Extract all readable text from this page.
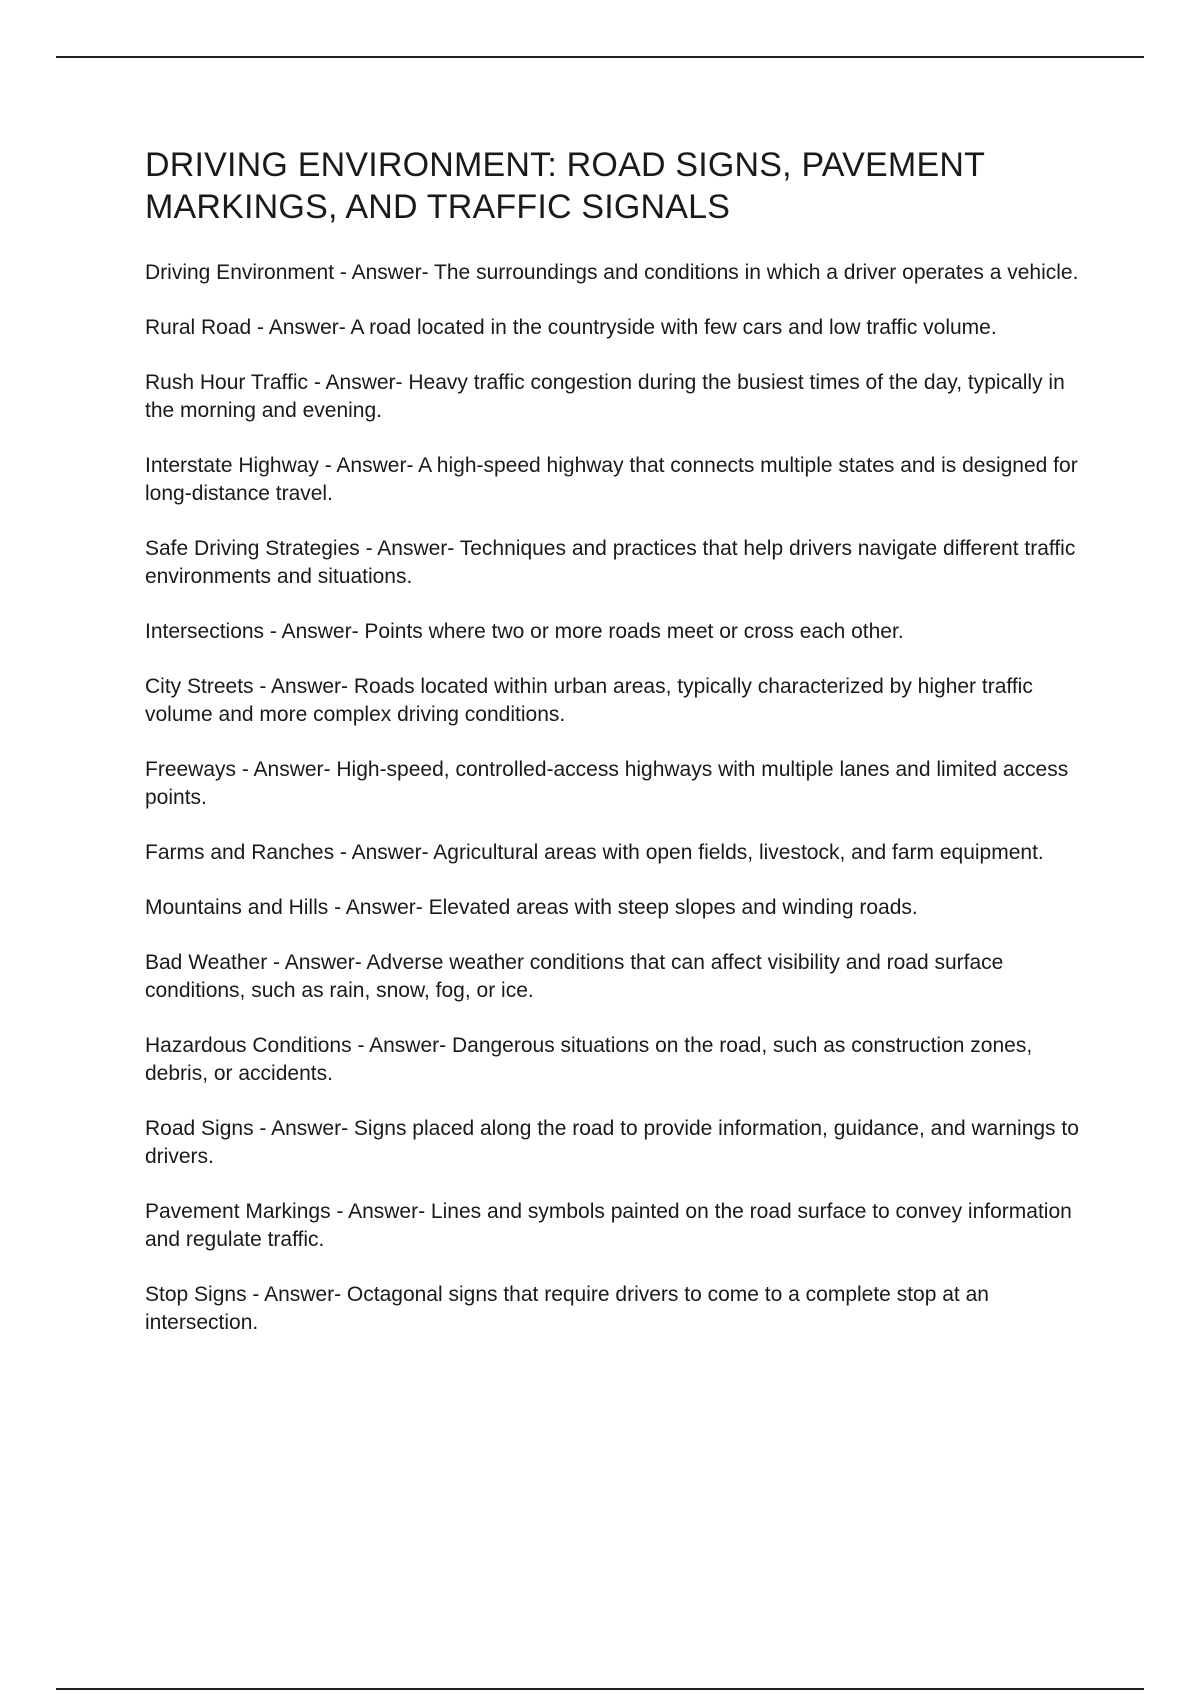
DRIVING ENVIRONMENT: ROAD SIGNS, PAVEMENT MARKINGS, AND TRAFFIC SIGNALS

Driving Environment - Answer- The surroundings and conditions in which a driver operates a vehicle.

Rural Road - Answer- A road located in the countryside with few cars and low traffic volume.

Rush Hour Traffic - Answer- Heavy traffic congestion during the busiest times of the day, typically in the morning and evening.

Interstate Highway - Answer- A high-speed highway that connects multiple states and is designed for long-distance travel.

Safe Driving Strategies - Answer- Techniques and practices that help drivers navigate different traffic environments and situations.

Intersections - Answer- Points where two or more roads meet or cross each other.

City Streets - Answer- Roads located within urban areas, typically characterized by higher traffic volume and more complex driving conditions.

Freeways - Answer- High-speed, controlled-access highways with multiple lanes and limited access points.

Farms and Ranches - Answer- Agricultural areas with open fields, livestock, and farm equipment.

Mountains and Hills - Answer- Elevated areas with steep slopes and winding roads.

Bad Weather - Answer- Adverse weather conditions that can affect visibility and road surface conditions, such as rain, snow, fog, or ice.

Hazardous Conditions - Answer- Dangerous situations on the road, such as construction zones, debris, or accidents.

Road Signs - Answer- Signs placed along the road to provide information, guidance, and warnings to drivers.

Pavement Markings - Answer- Lines and symbols painted on the road surface to convey information and regulate traffic.

Stop Signs - Answer- Octagonal signs that require drivers to come to a complete stop at an intersection.
